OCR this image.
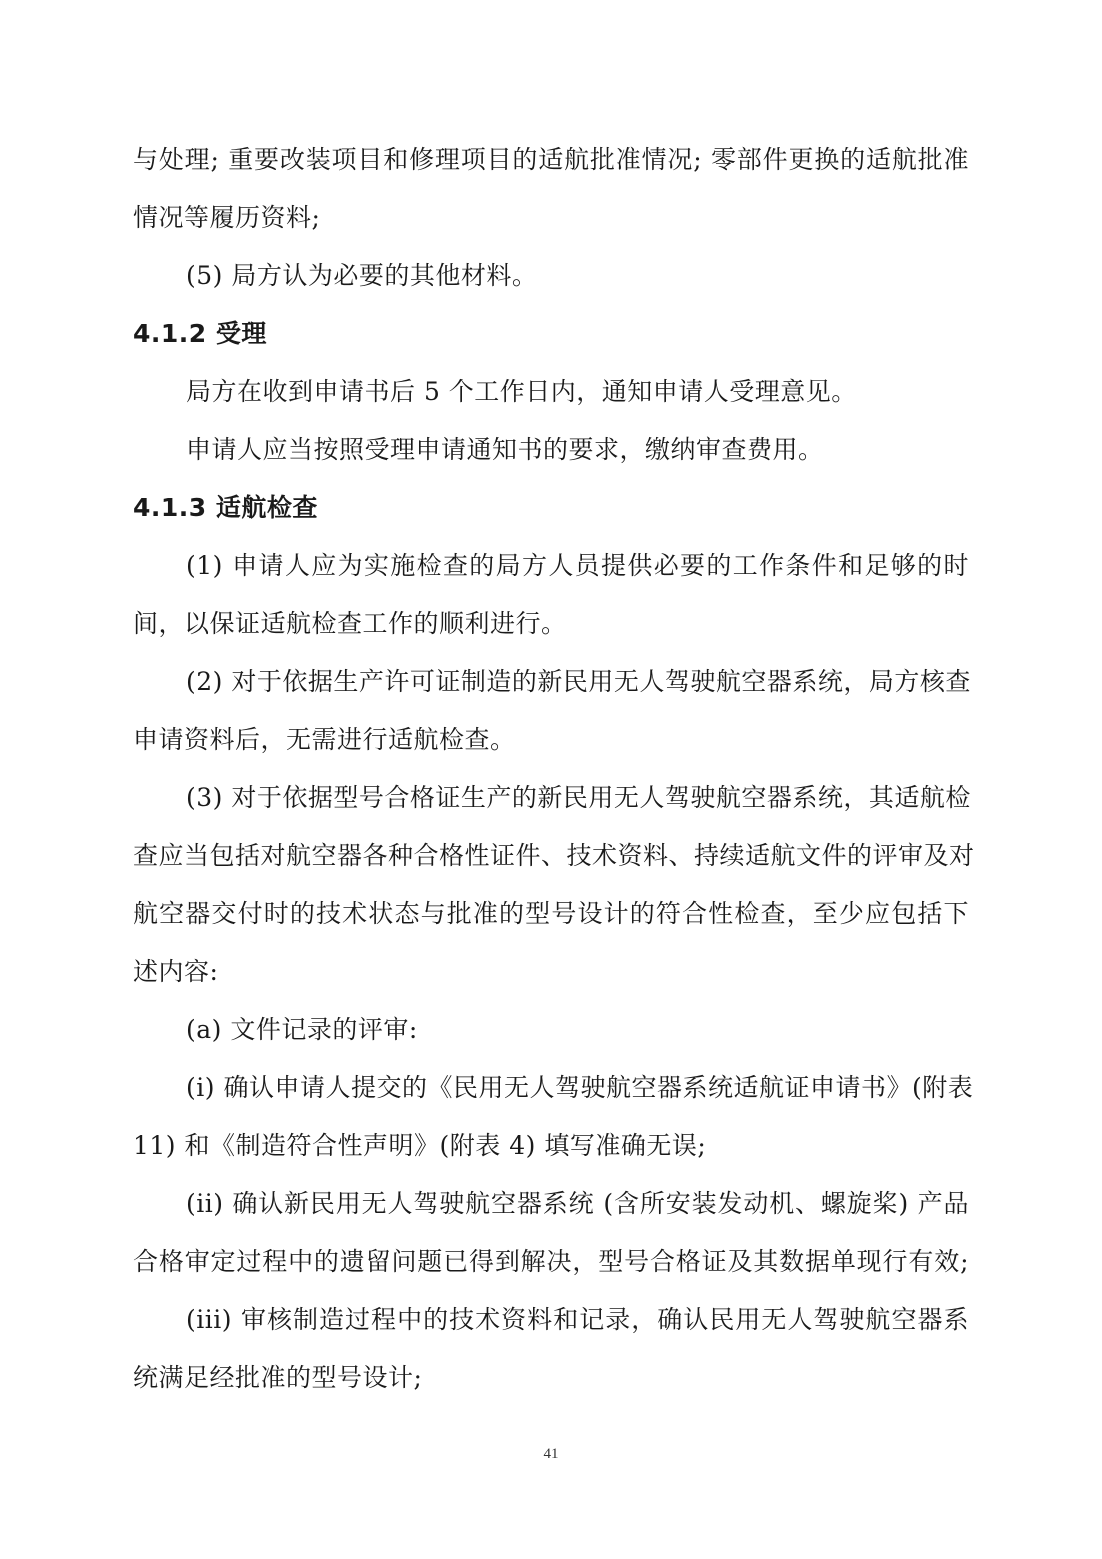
与处理; 重要改装项目和修理项目的适航批准情况; 零部件更换的适航批准

情况等履历资料;

(5) 局方认为必要的其他材料。

4.1.2 受理

局方在收到申请书后 5 个工作日内，通知申请人受理意见。

申请人应当按照受理申请通知书的要求，缴纳审查费用。

4.1.3 适航检查

(1) 申请人应为实施检查的局方人员提供必要的工作条件和足够的时

间，以保证适航检查工作的顺利进行。

(2) 对于依据生产许可证制造的新民用无人驾驶航空器系统，局方核查

申请资料后，无需进行适航检查。

(3) 对于依据型号合格证生产的新民用无人驾驶航空器系统，其适航检

查应当包括对航空器各种合格性证件、技术资料、持续适航文件的评审及对

航空器交付时的技术状态与批准的型号设计的符合性检查，至少应包括下

述内容:

(a) 文件记录的评审:

(i) 确认申请人提交的《民用无人驾驶航空器系统适航证申请书》(附表

11) 和《制造符合性声明》(附表 4) 填写准确无误;

(ii) 确认新民用无人驾驶航空器系统 (含所安装发动机、螺旋桨) 产品

合格审定过程中的遗留问题已得到解决，型号合格证及其数据单现行有效;

(iii) 审核制造过程中的技术资料和记录，确认民用无人驾驶航空器系

统满足经批准的型号设计;

41
